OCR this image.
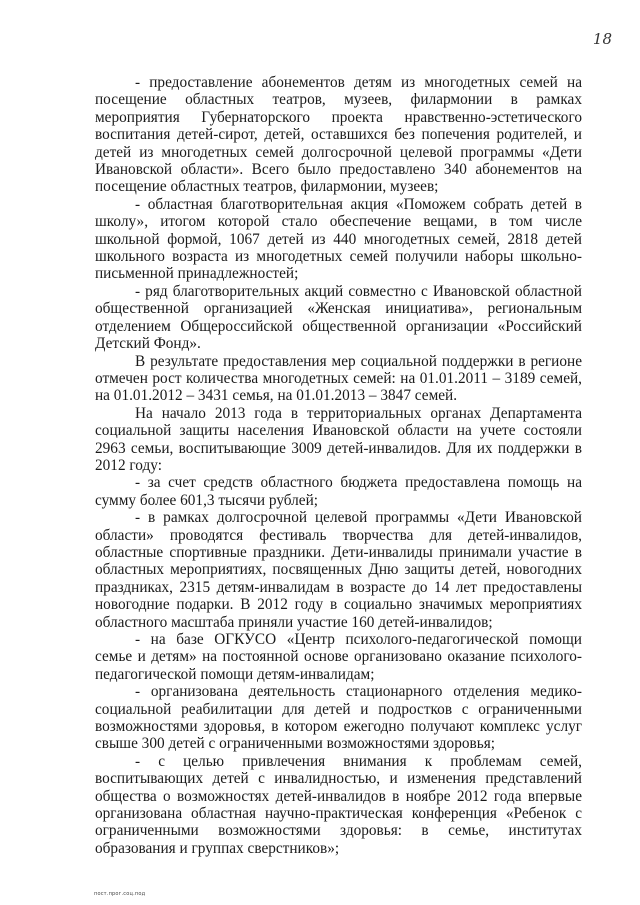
18

- предоставление абонементов детям из многодетных семей на посещение областных театров, музеев, филармонии в рамках мероприятия Губернаторского проекта нравственно-эстетического воспитания детей-сирот, детей, оставшихся без попечения родителей, и детей из многодетных семей долгосрочной целевой программы «Дети Ивановской области». Всего было предоставлено 340 абонементов на посещение областных театров, филармонии, музеев;

- областная благотворительная акция «Поможем собрать детей в школу», итогом которой стало обеспечение вещами, в том числе школьной формой, 1067 детей из 440 многодетных семей, 2818 детей школьного возраста из многодетных семей получили наборы школьно-письменной принадлежностей;

- ряд благотворительных акций совместно с Ивановской областной общественной организацией «Женская инициатива», региональным отделением Общероссийской общественной организации «Российский Детский Фонд».

В результате предоставления мер социальной поддержки в регионе отмечен рост количества многодетных семей: на 01.01.2011 – 3189 семей, на 01.01.2012 – 3431 семья, на 01.01.2013 – 3847 семей.

На начало 2013 года в территориальных органах Департамента социальной защиты населения Ивановской области на учете состояли 2963 семьи, воспитывающие 3009 детей-инвалидов. Для их поддержки в 2012 году:

- за счет средств областного бюджета предоставлена помощь на сумму более 601,3 тысячи рублей;

- в рамках долгосрочной целевой программы «Дети Ивановской области» проводятся фестиваль творчества для детей-инвалидов, областные спортивные праздники. Дети-инвалиды принимали участие в областных мероприятиях, посвященных Дню защиты детей, новогодних праздниках, 2315 детям-инвалидам в возрасте до 14 лет предоставлены новогодние подарки. В 2012 году в социально значимых мероприятиях областного масштаба приняли участие 160 детей-инвалидов;

- на базе ОГКУСО «Центр психолого-педагогической помощи семье и детям» на постоянной основе организовано оказание психолого-педагогической помощи детям-инвалидам;

- организована деятельность стационарного отделения медико-социальной реабилитации для детей и подростков с ограниченными возможностями здоровья, в котором ежегодно получают комплекс услуг свыше 300 детей с ограниченными возможностями здоровья;

- с целью привлечения внимания к проблемам семей, воспитывающих детей с инвалидностью, и изменения представлений общества о возможностях детей-инвалидов в ноябре 2012 года впервые организована областная научно-практическая конференция «Ребенок с ограниченными возможностями здоровья: в семье, институтах образования и группах сверстников»;

пост.прог.соц.под
